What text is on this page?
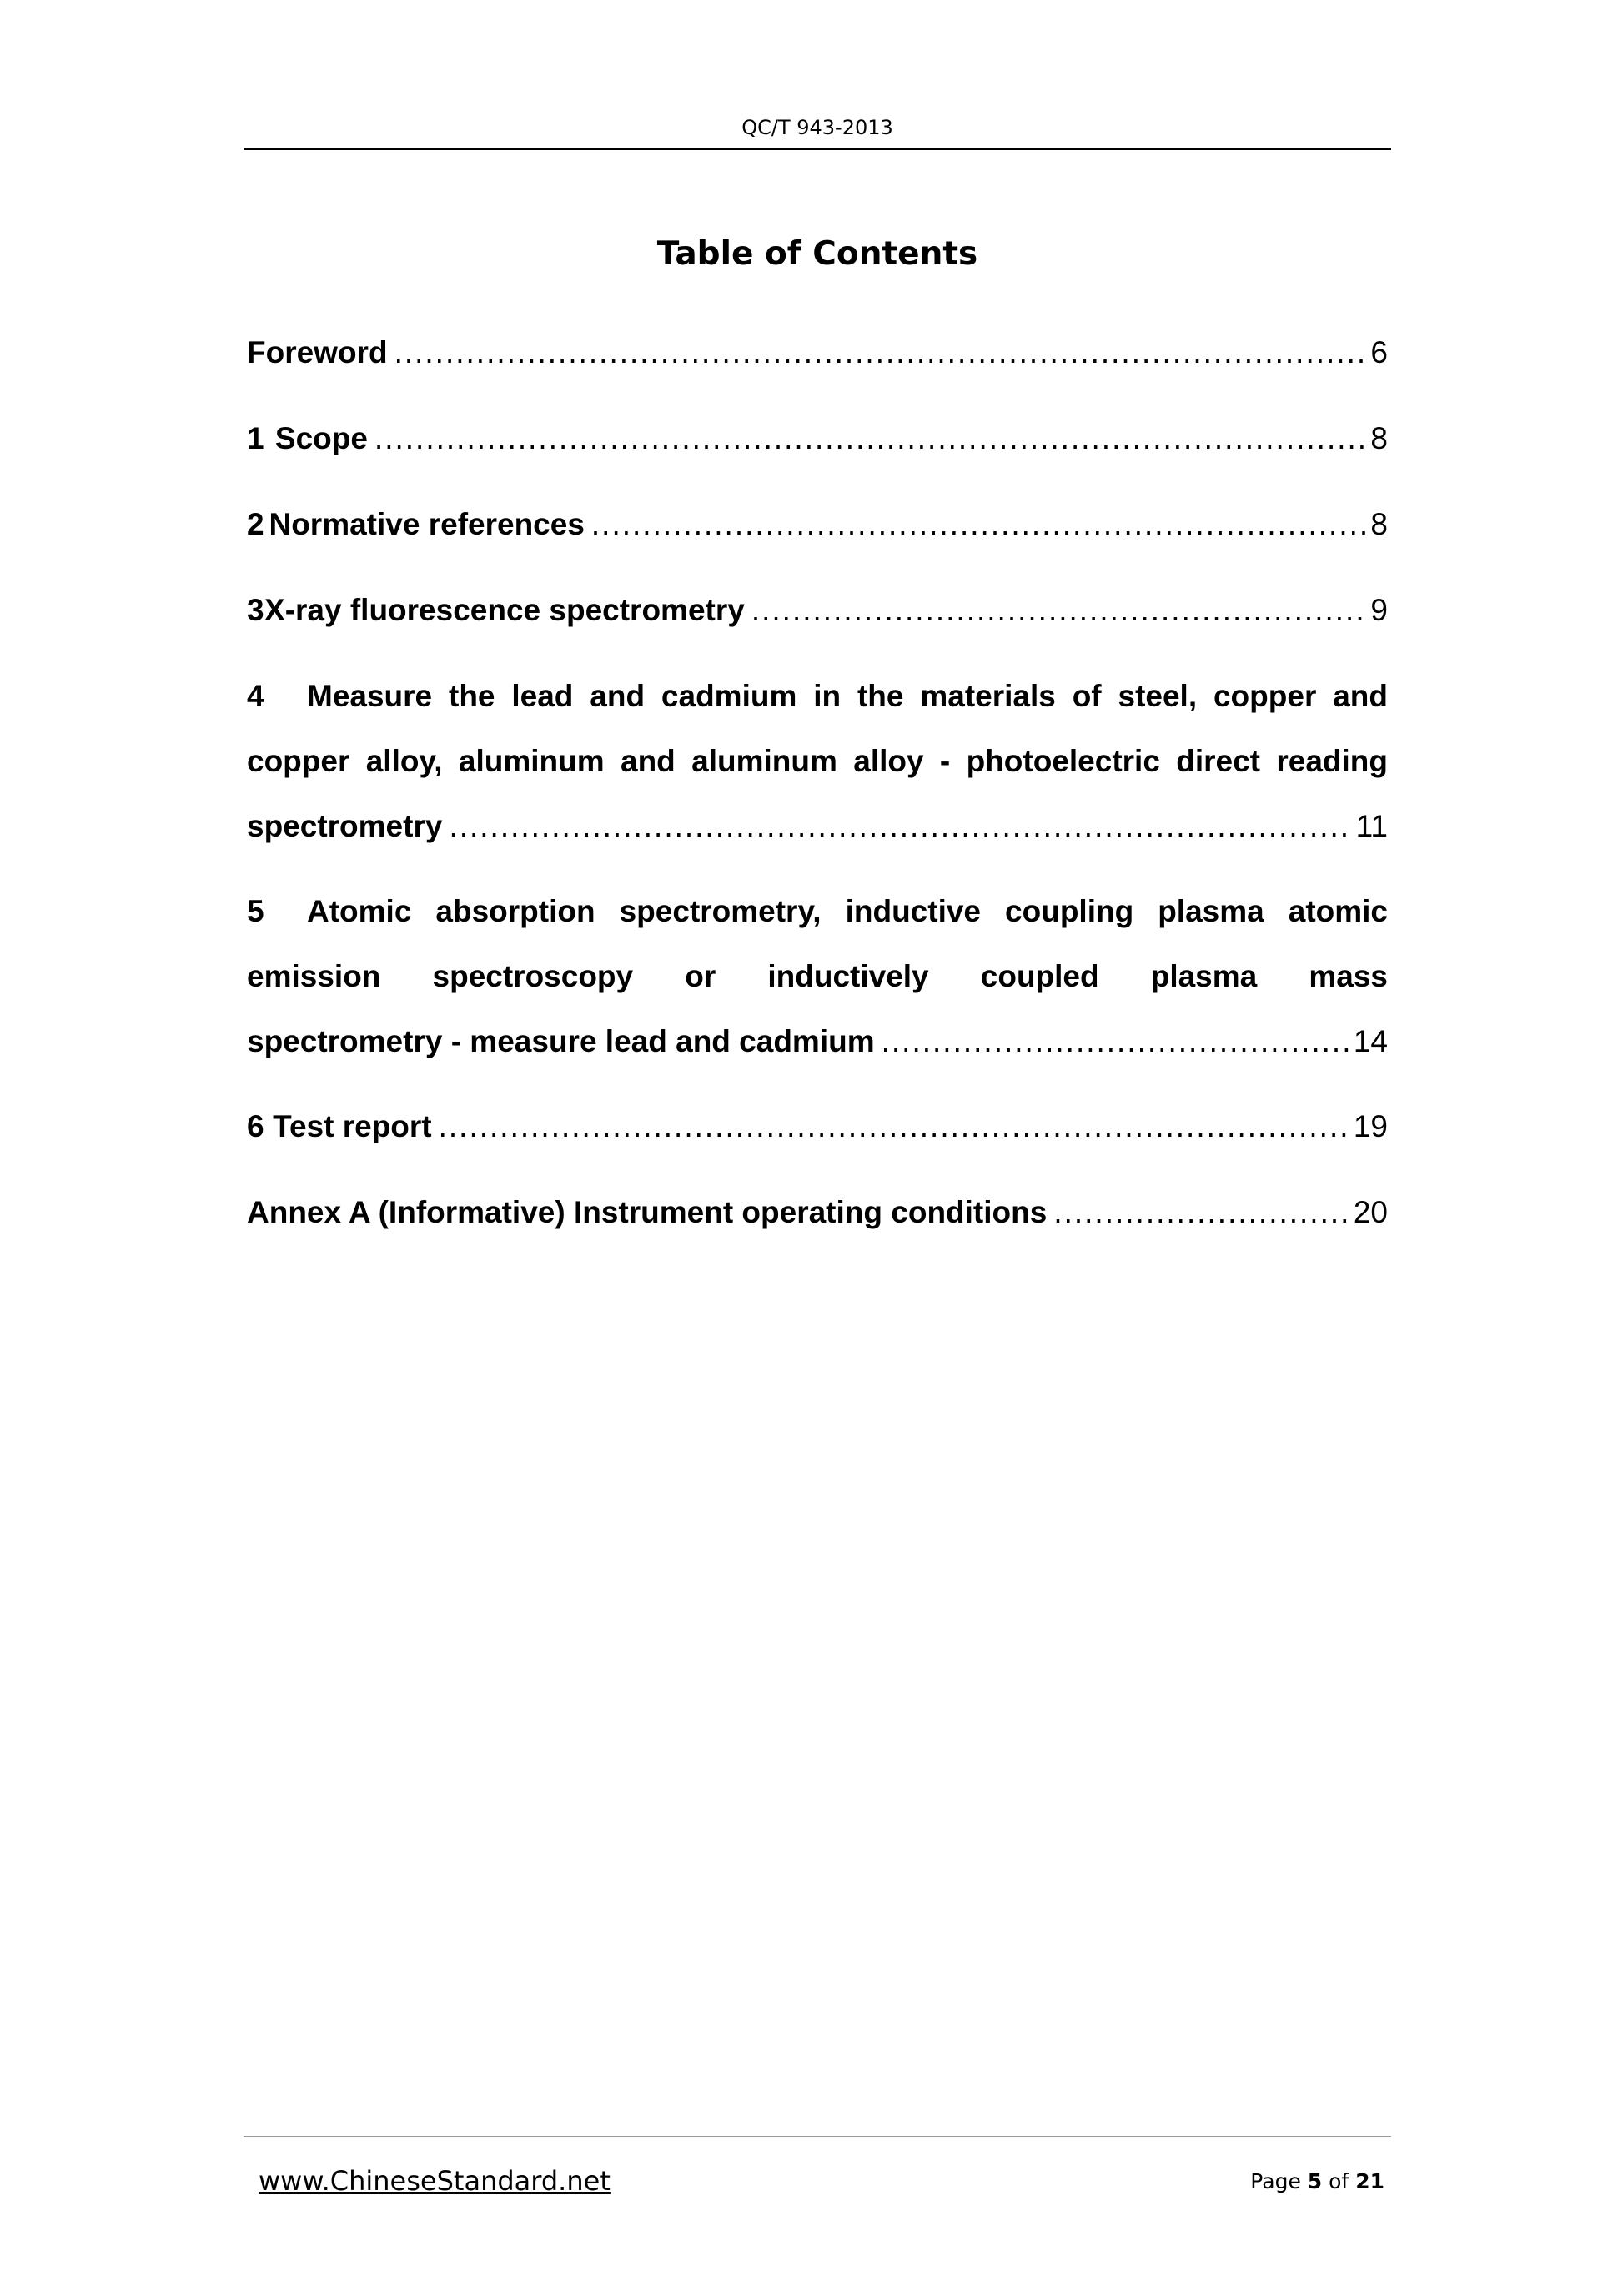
QC/T 943-2013
Table of Contents
Foreword .....	6
1 Scope .....	8
2 Normative references .....	8
3 X-ray fluorescence spectrometry .....	9
4 Measure the lead and cadmium in the materials of steel, copper and
copper alloy, aluminum and aluminum alloy - photoelectric direct reading
spectrometry .....	11
5 Atomic absorption spectrometry, inductive coupling plasma atomic
emission spectroscopy or inductively coupled plasma mass
spectrometry - measure lead and cadmium .....	14
6 Test report .....	19
Annex A (Informative) Instrument operating conditions .....	20
www.ChineseStandard.net	Page 5 of 21
